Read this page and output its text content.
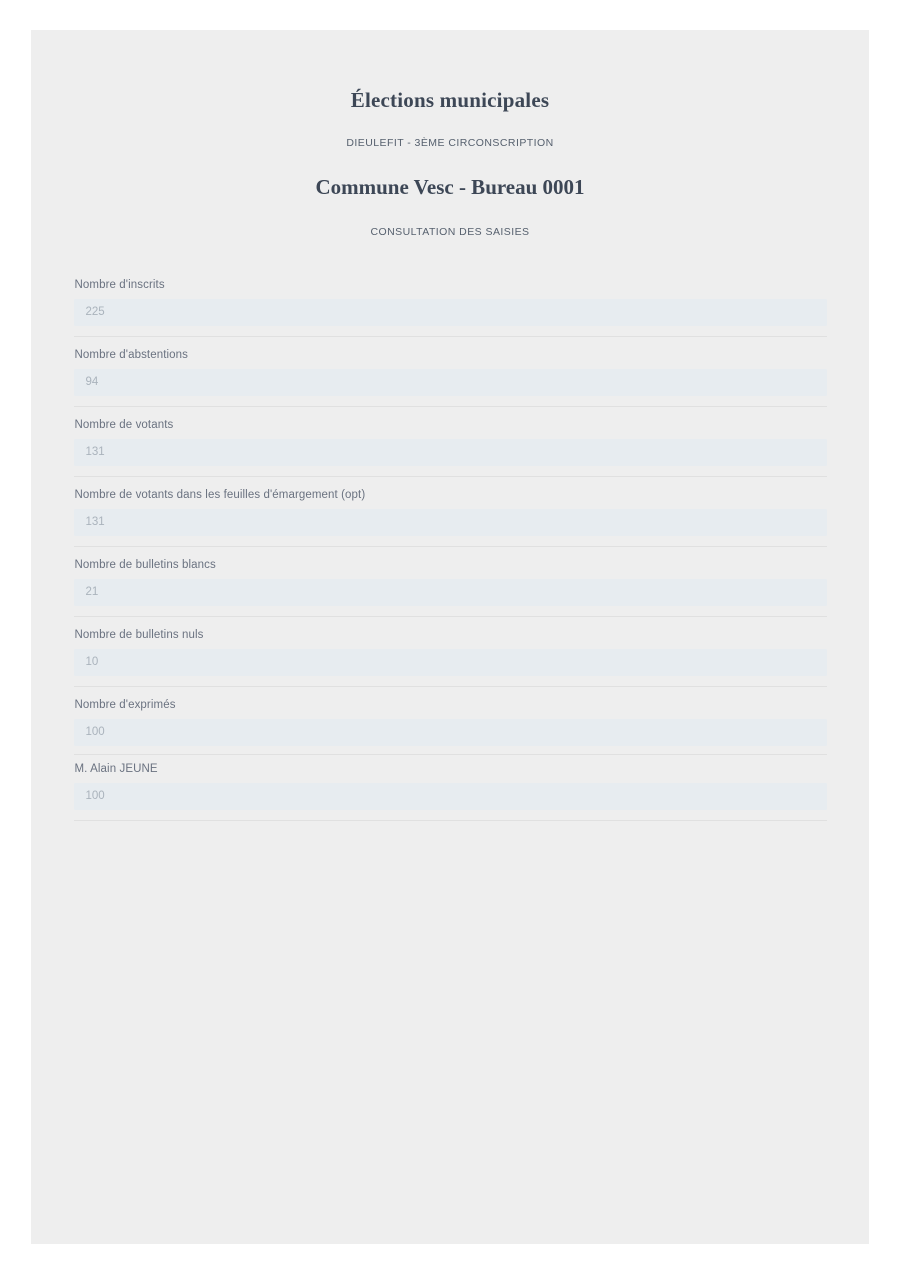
Élections municipales
DIEULEFIT - 3ÈME CIRCONSCRIPTION
Commune Vesc - Bureau 0001
CONSULTATION DES SAISIES
Nombre d'inscrits
225
Nombre d'abstentions
94
Nombre de votants
131
Nombre de votants dans les feuilles d'émargement (opt)
131
Nombre de bulletins blancs
21
Nombre de bulletins nuls
10
Nombre d'exprimés
100
M. Alain JEUNE
100
